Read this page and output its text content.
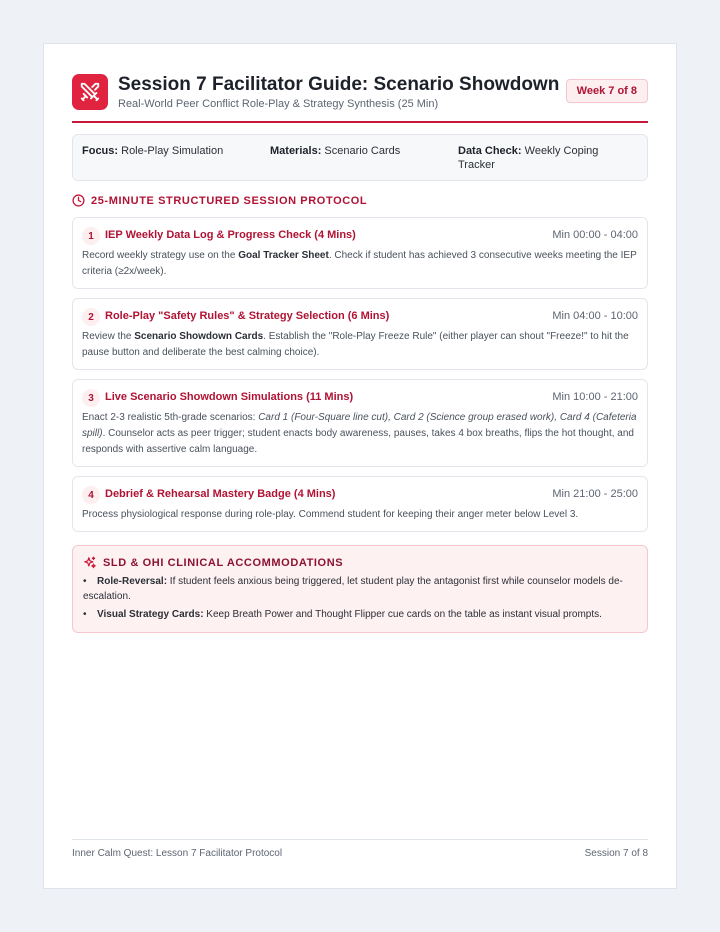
Session 7 Facilitator Guide: Scenario Showdown
Real-World Peer Conflict Role-Play & Strategy Synthesis (25 Min)
Week 7 of 8
Focus: Role-Play Simulation	Materials: Scenario Cards	Data Check: Weekly Coping Tracker
25-MINUTE STRUCTURED SESSION PROTOCOL
1	IEP Weekly Data Log & Progress Check (4 Mins)	Min 00:00 - 04:00
Record weekly strategy use on the Goal Tracker Sheet. Check if student has achieved 3 consecutive weeks meeting the IEP criteria (≥2x/week).
2	Role-Play "Safety Rules" & Strategy Selection (6 Mins)	Min 04:00 - 10:00
Review the Scenario Showdown Cards. Establish the "Role-Play Freeze Rule" (either player can shout "Freeze!" to hit the pause button and deliberate the best calming choice).
3	Live Scenario Showdown Simulations (11 Mins)	Min 10:00 - 21:00
Enact 2-3 realistic 5th-grade scenarios: Card 1 (Four-Square line cut), Card 2 (Science group erased work), Card 4 (Cafeteria spill). Counselor acts as peer trigger; student enacts body awareness, pauses, takes 4 box breaths, flips the hot thought, and responds with assertive calm language.
4	Debrief & Rehearsal Mastery Badge (4 Mins)	Min 21:00 - 25:00
Process physiological response during role-play. Commend student for keeping their anger meter below Level 3.
SLD & OHI CLINICAL ACCOMMODATIONS
• Role-Reversal: If student feels anxious being triggered, let student play the antagonist first while counselor models de-escalation.
• Visual Strategy Cards: Keep Breath Power and Thought Flipper cue cards on the table as instant visual prompts.
Inner Calm Quest: Lesson 7 Facilitator Protocol	Session 7 of 8
